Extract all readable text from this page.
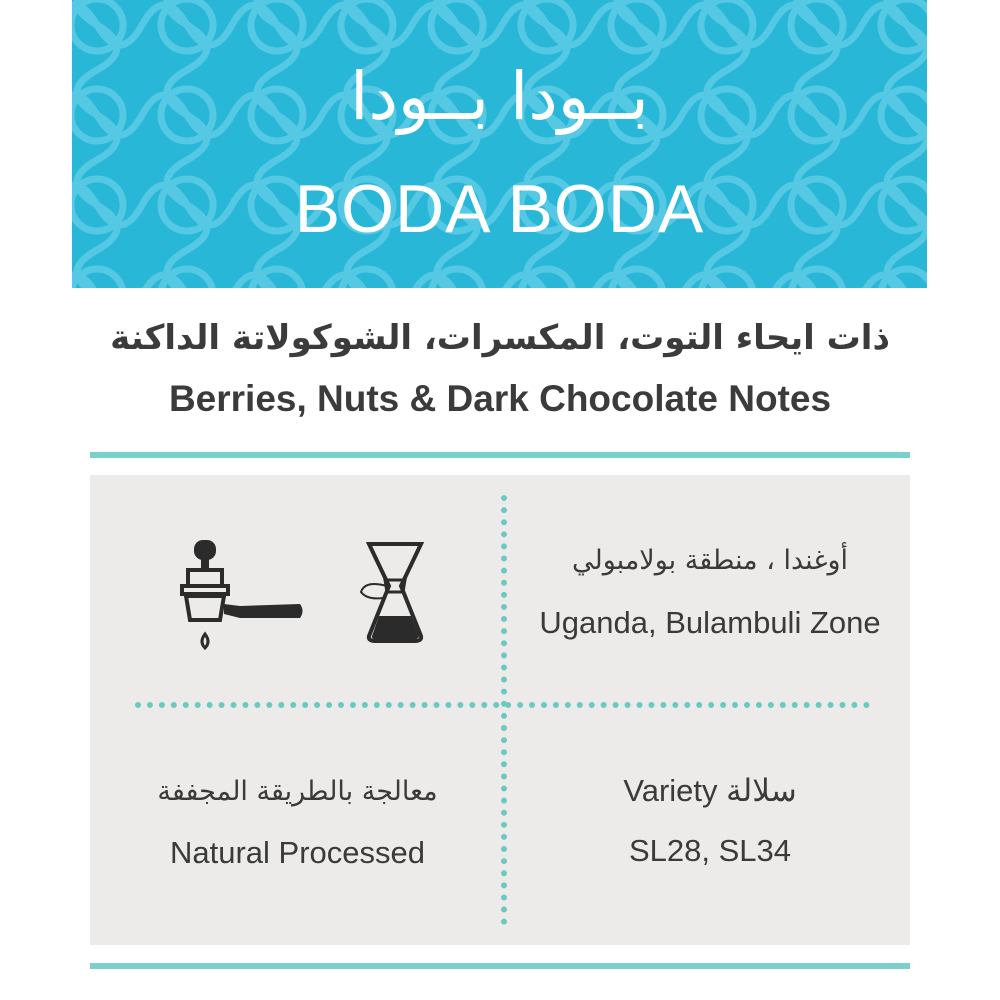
بــودا بــودا
BODA BODA
ذات ايحاء التوت، المكسرات، الشوكولاتة الداكنة
Berries, Nuts & Dark Chocolate Notes
أوغندا ، منطقة بولامبولي
Uganda, Bulambuli Zone
Variety سلالة
SL28, SL34
معالجة بالطريقة المجففة
Natural Processed
